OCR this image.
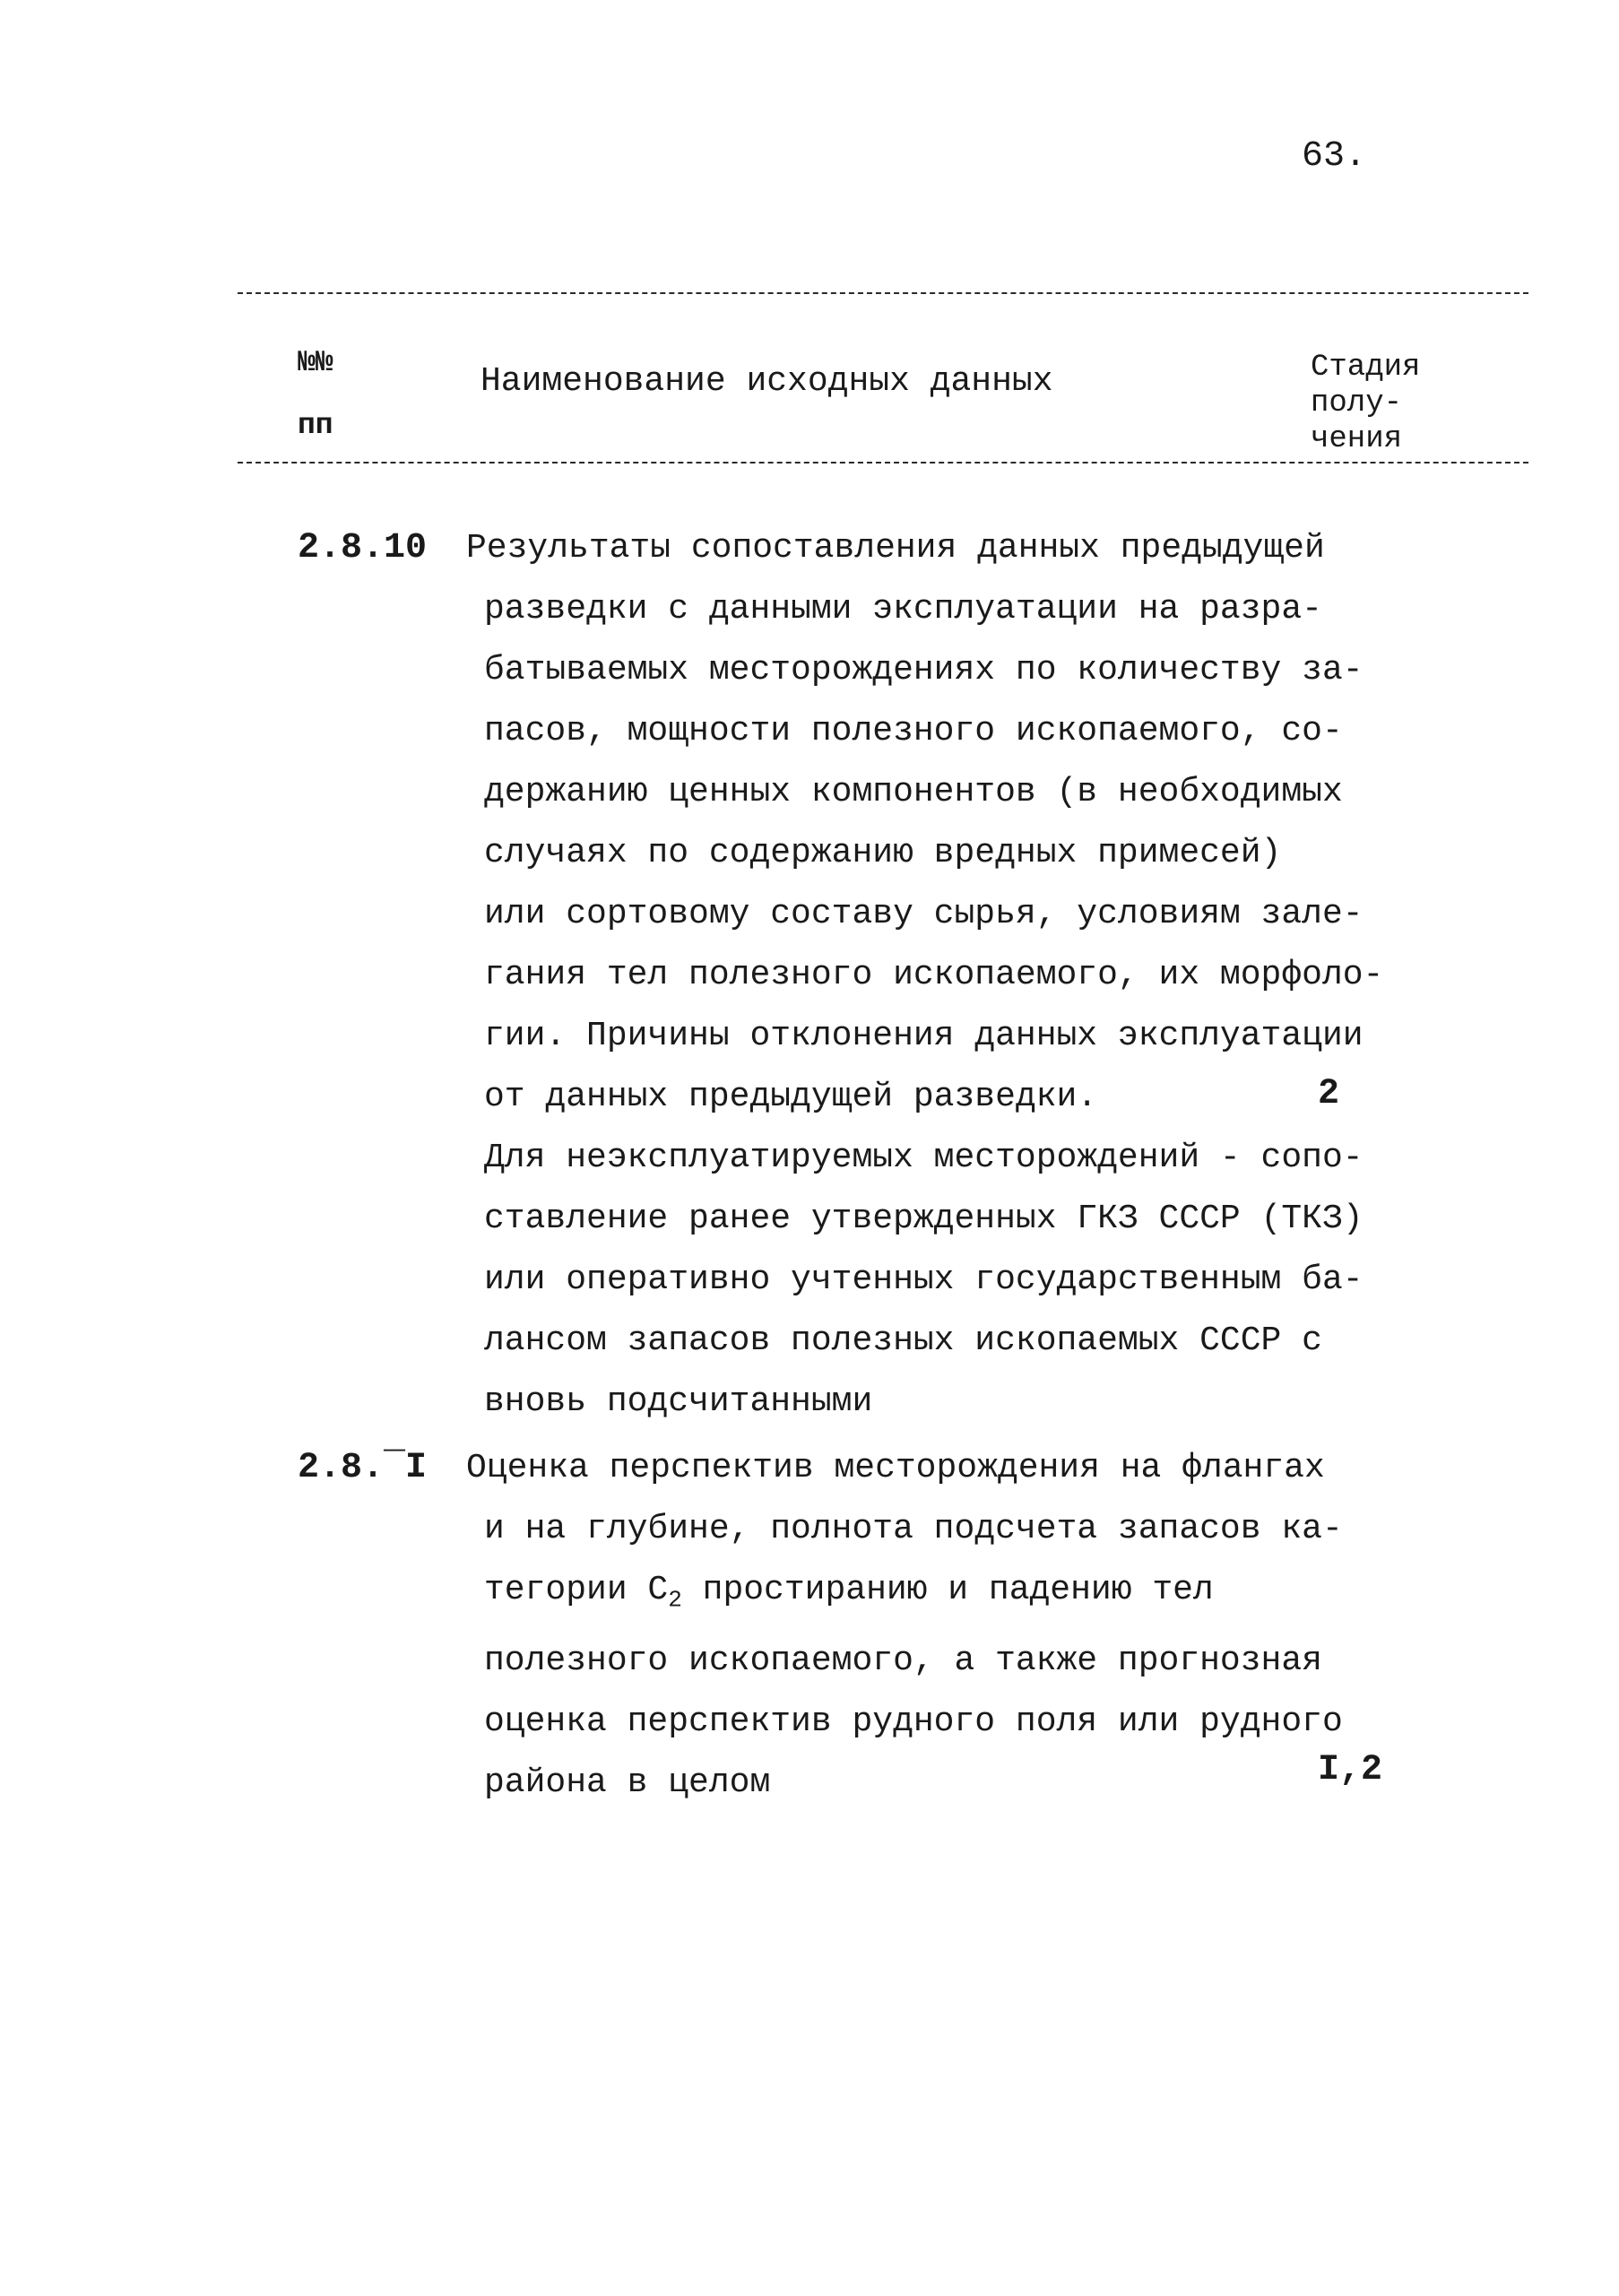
63.
№№
пп
Наименование исходных данных	Стадия
полу-
чения
2.8.10 Результаты сопоставления данных предыдущей
разведки с данными эксплуатации на разра-
батываемых месторождениях по количеству за-
пасов, мощности полезного ископаемого, со-
держанию ценных компонентов (в необходимых
случаях по содержанию вредных примесей)
или сортовому составу сырья, условиям зале-
гания тел полезного ископаемого, их морфоло-
гии. Причины отклонения данных эксплуатации
от данных предыдущей разведки.
Для неэксплуатируемых месторождений - сопо-
ставление ранее утвержденных ГКЗ СССР (ТКЗ)
или оперативно учтенных государственным ба-
лансом запасов полезных ископаемых СССР с
вновь подсчитанными
2
2.8.¯I Оценка перспектив месторождения на флангах
и на глубине, полнота подсчета запасов ка-
тегории $C_2$ простиранию и падению тел
полезного ископаемого, а также прогнозная
оценка перспектив рудного поля или рудного
района в целом	I,2
